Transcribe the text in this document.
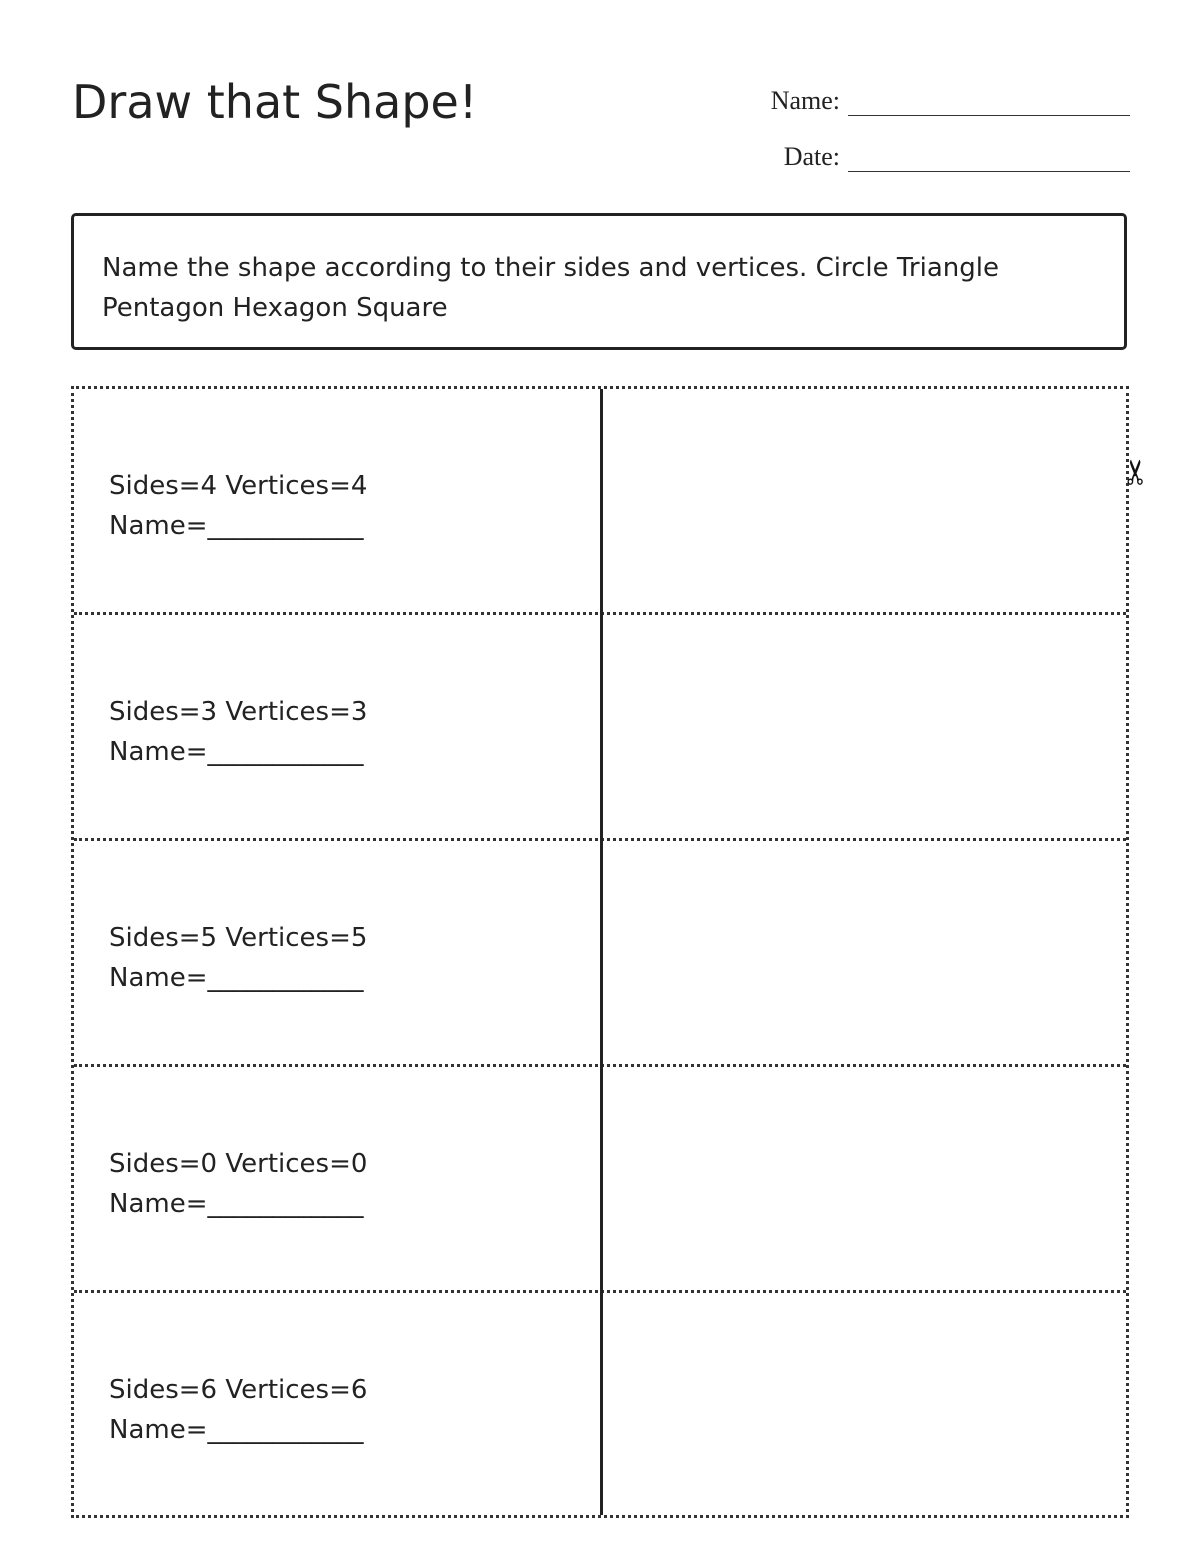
Draw that Shape!	Name:
Date:
Name the shape according to their sides and vertices. Circle Triangle Pentagon Hexagon Square
Sides=4 Vertices=4
Name=____________
Sides=3 Vertices=3
Name=____________
Sides=5 Vertices=5
Name=____________
Sides=0 Vertices=0
Name=____________
Sides=6 Vertices=6
Name=____________
✂
